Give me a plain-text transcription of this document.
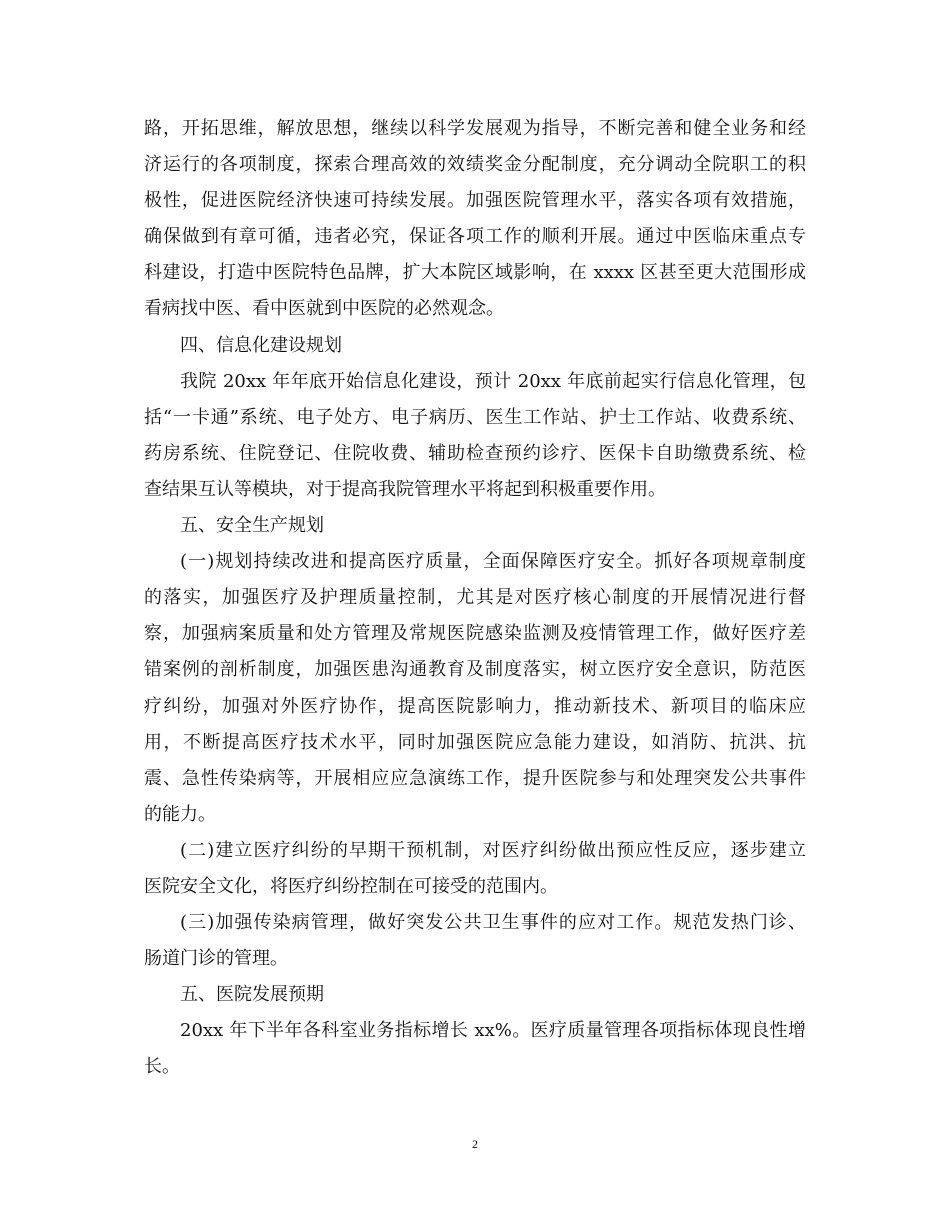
路，开拓思维，解放思想，继续以科学发展观为指导，不断完善和健全业务和经
济运行的各项制度，探索合理高效的效绩奖金分配制度，充分调动全院职工的积
极性，促进医院经济快速可持续发展。加强医院管理水平，落实各项有效措施，
确保做到有章可循，违者必究，保证各项工作的顺利开展。通过中医临床重点专
科建设，打造中医院特色品牌，扩大本院区域影响，在 xxxx 区甚至更大范围形成
看病找中医、看中医就到中医院的必然观念。
四、信息化建设规划
我院 20xx 年年底开始信息化建设，预计 20xx 年底前起实行信息化管理，包
括“一卡通”系统、电子处方、电子病历、医生工作站、护士工作站、收费系统、
药房系统、住院登记、住院收费、辅助检查预约诊疗、医保卡自助缴费系统、检
查结果互认等模块，对于提高我院管理水平将起到积极重要作用。
五、安全生产规划
(一)规划持续改进和提高医疗质量，全面保障医疗安全。抓好各项规章制度
的落实，加强医疗及护理质量控制，尤其是对医疗核心制度的开展情况进行督
察，加强病案质量和处方管理及常规医院感染监测及疫情管理工作，做好医疗差
错案例的剖析制度，加强医患沟通教育及制度落实，树立医疗安全意识，防范医
疗纠纷，加强对外医疗协作，提高医院影响力，推动新技术、新项目的临床应
用，不断提高医疗技术水平，同时加强医院应急能力建设，如消防、抗洪、抗
震、急性传染病等，开展相应应急演练工作，提升医院参与和处理突发公共事件
的能力。
(二)建立医疗纠纷的早期干预机制，对医疗纠纷做出预应性反应，逐步建立
医院安全文化，将医疗纠纷控制在可接受的范围内。
(三)加强传染病管理，做好突发公共卫生事件的应对工作。规范发热门诊、
肠道门诊的管理。
五、医院发展预期
20xx 年下半年各科室业务指标增长 xx%。医疗质量管理各项指标体现良性增
长。
2
